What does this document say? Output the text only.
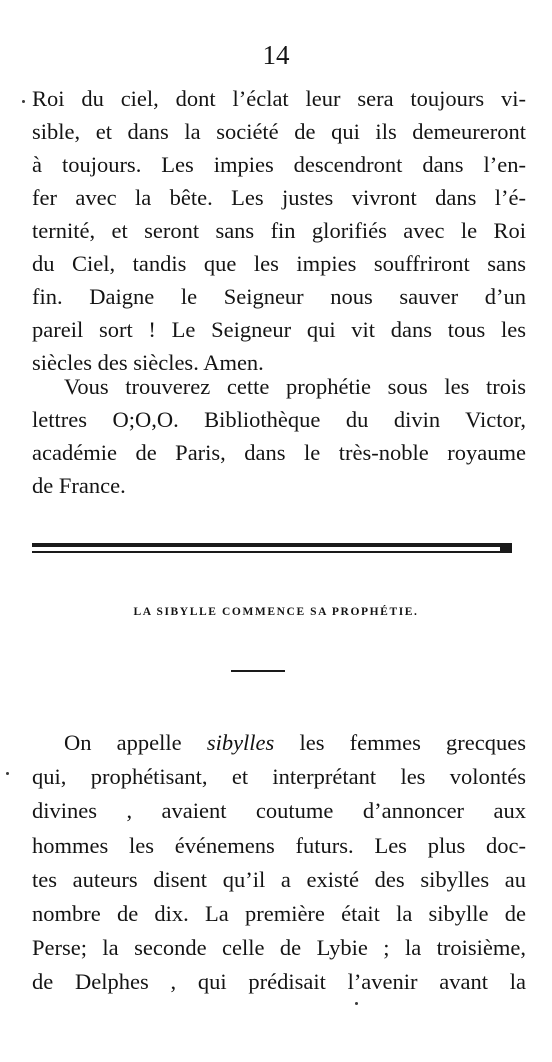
14
Roi du ciel, dont l’éclat leur sera toujours vi-
sible, et dans la société de qui ils demeureront
à toujours. Les impies descendront dans l’en-
fer avec la bête. Les justes vivront dans l’é-
ternité, et seront sans fin glorifiés avec le Roi
du Ciel, tandis que les impies souffriront sans
fin. Daigne le Seigneur nous sauver d’un
pareil sort ! Le Seigneur qui vit dans tous les
siècles des siècles. Amen.
Vous trouverez cette prophétie sous les trois
lettres O;O,O. Bibliothèque du divin Victor,
académie de Paris, dans le très-noble royaume
de France.
LA SIBYLLE COMMENCE SA PROPHÉTIE.
On appelle sibylles les femmes grecques
qui, prophétisant, et interprétant les volontés
divines , avaient coutume d’annoncer aux
hommes les événemens futurs. Les plus doc-
tes auteurs disent qu’il a existé des sibylles au
nombre de dix. La première était la sibylle de
Perse; la seconde celle de Lybie ; la troisième,
de Delphes , qui prédisait l’avenir avant la
